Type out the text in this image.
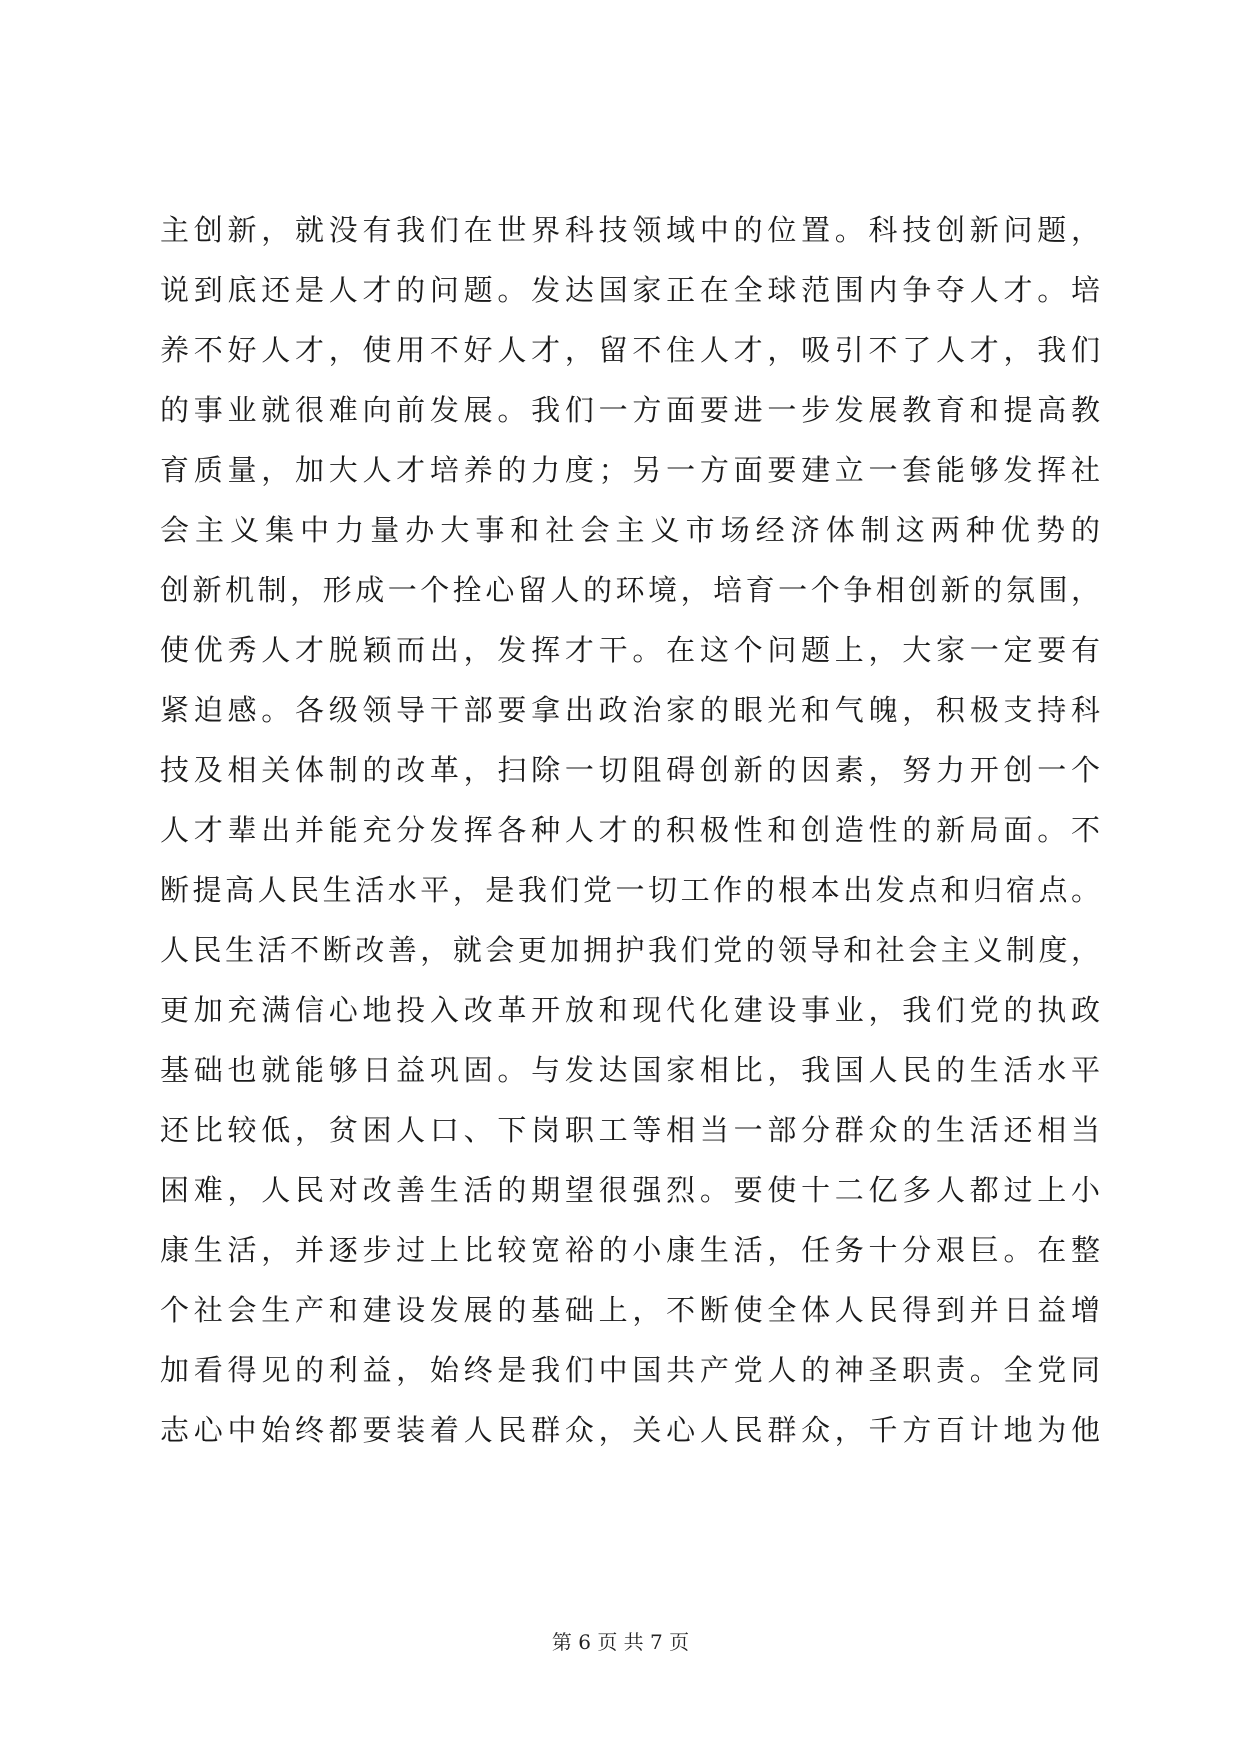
主创新，就没有我们在世界科技领域中的位置。科技创新问题，
说到底还是人才的问题。发达国家正在全球范围内争夺人才。培
养不好人才，使用不好人才，留不住人才，吸引不了人才，我们
的事业就很难向前发展。我们一方面要进一步发展教育和提高教
育质量，加大人才培养的力度；另一方面要建立一套能够发挥社
会主义集中力量办大事和社会主义市场经济体制这两种优势的
创新机制，形成一个拴心留人的环境，培育一个争相创新的氛围，
使优秀人才脱颖而出，发挥才干。在这个问题上，大家一定要有
紧迫感。各级领导干部要拿出政治家的眼光和气魄，积极支持科
技及相关体制的改革，扫除一切阻碍创新的因素，努力开创一个
人才辈出并能充分发挥各种人才的积极性和创造性的新局面。不
断提高人民生活水平，是我们党一切工作的根本出发点和归宿点。
人民生活不断改善，就会更加拥护我们党的领导和社会主义制度，
更加充满信心地投入改革开放和现代化建设事业，我们党的执政
基础也就能够日益巩固。与发达国家相比，我国人民的生活水平
还比较低，贫困人口、下岗职工等相当一部分群众的生活还相当
困难，人民对改善生活的期望很强烈。要使十二亿多人都过上小
康生活，并逐步过上比较宽裕的小康生活，任务十分艰巨。在整
个社会生产和建设发展的基础上，不断使全体人民得到并日益增
加看得见的利益，始终是我们中国共产党人的神圣职责。全党同
志心中始终都要装着人民群众，关心人民群众，千方百计地为他
第 6 页 共 7 页
